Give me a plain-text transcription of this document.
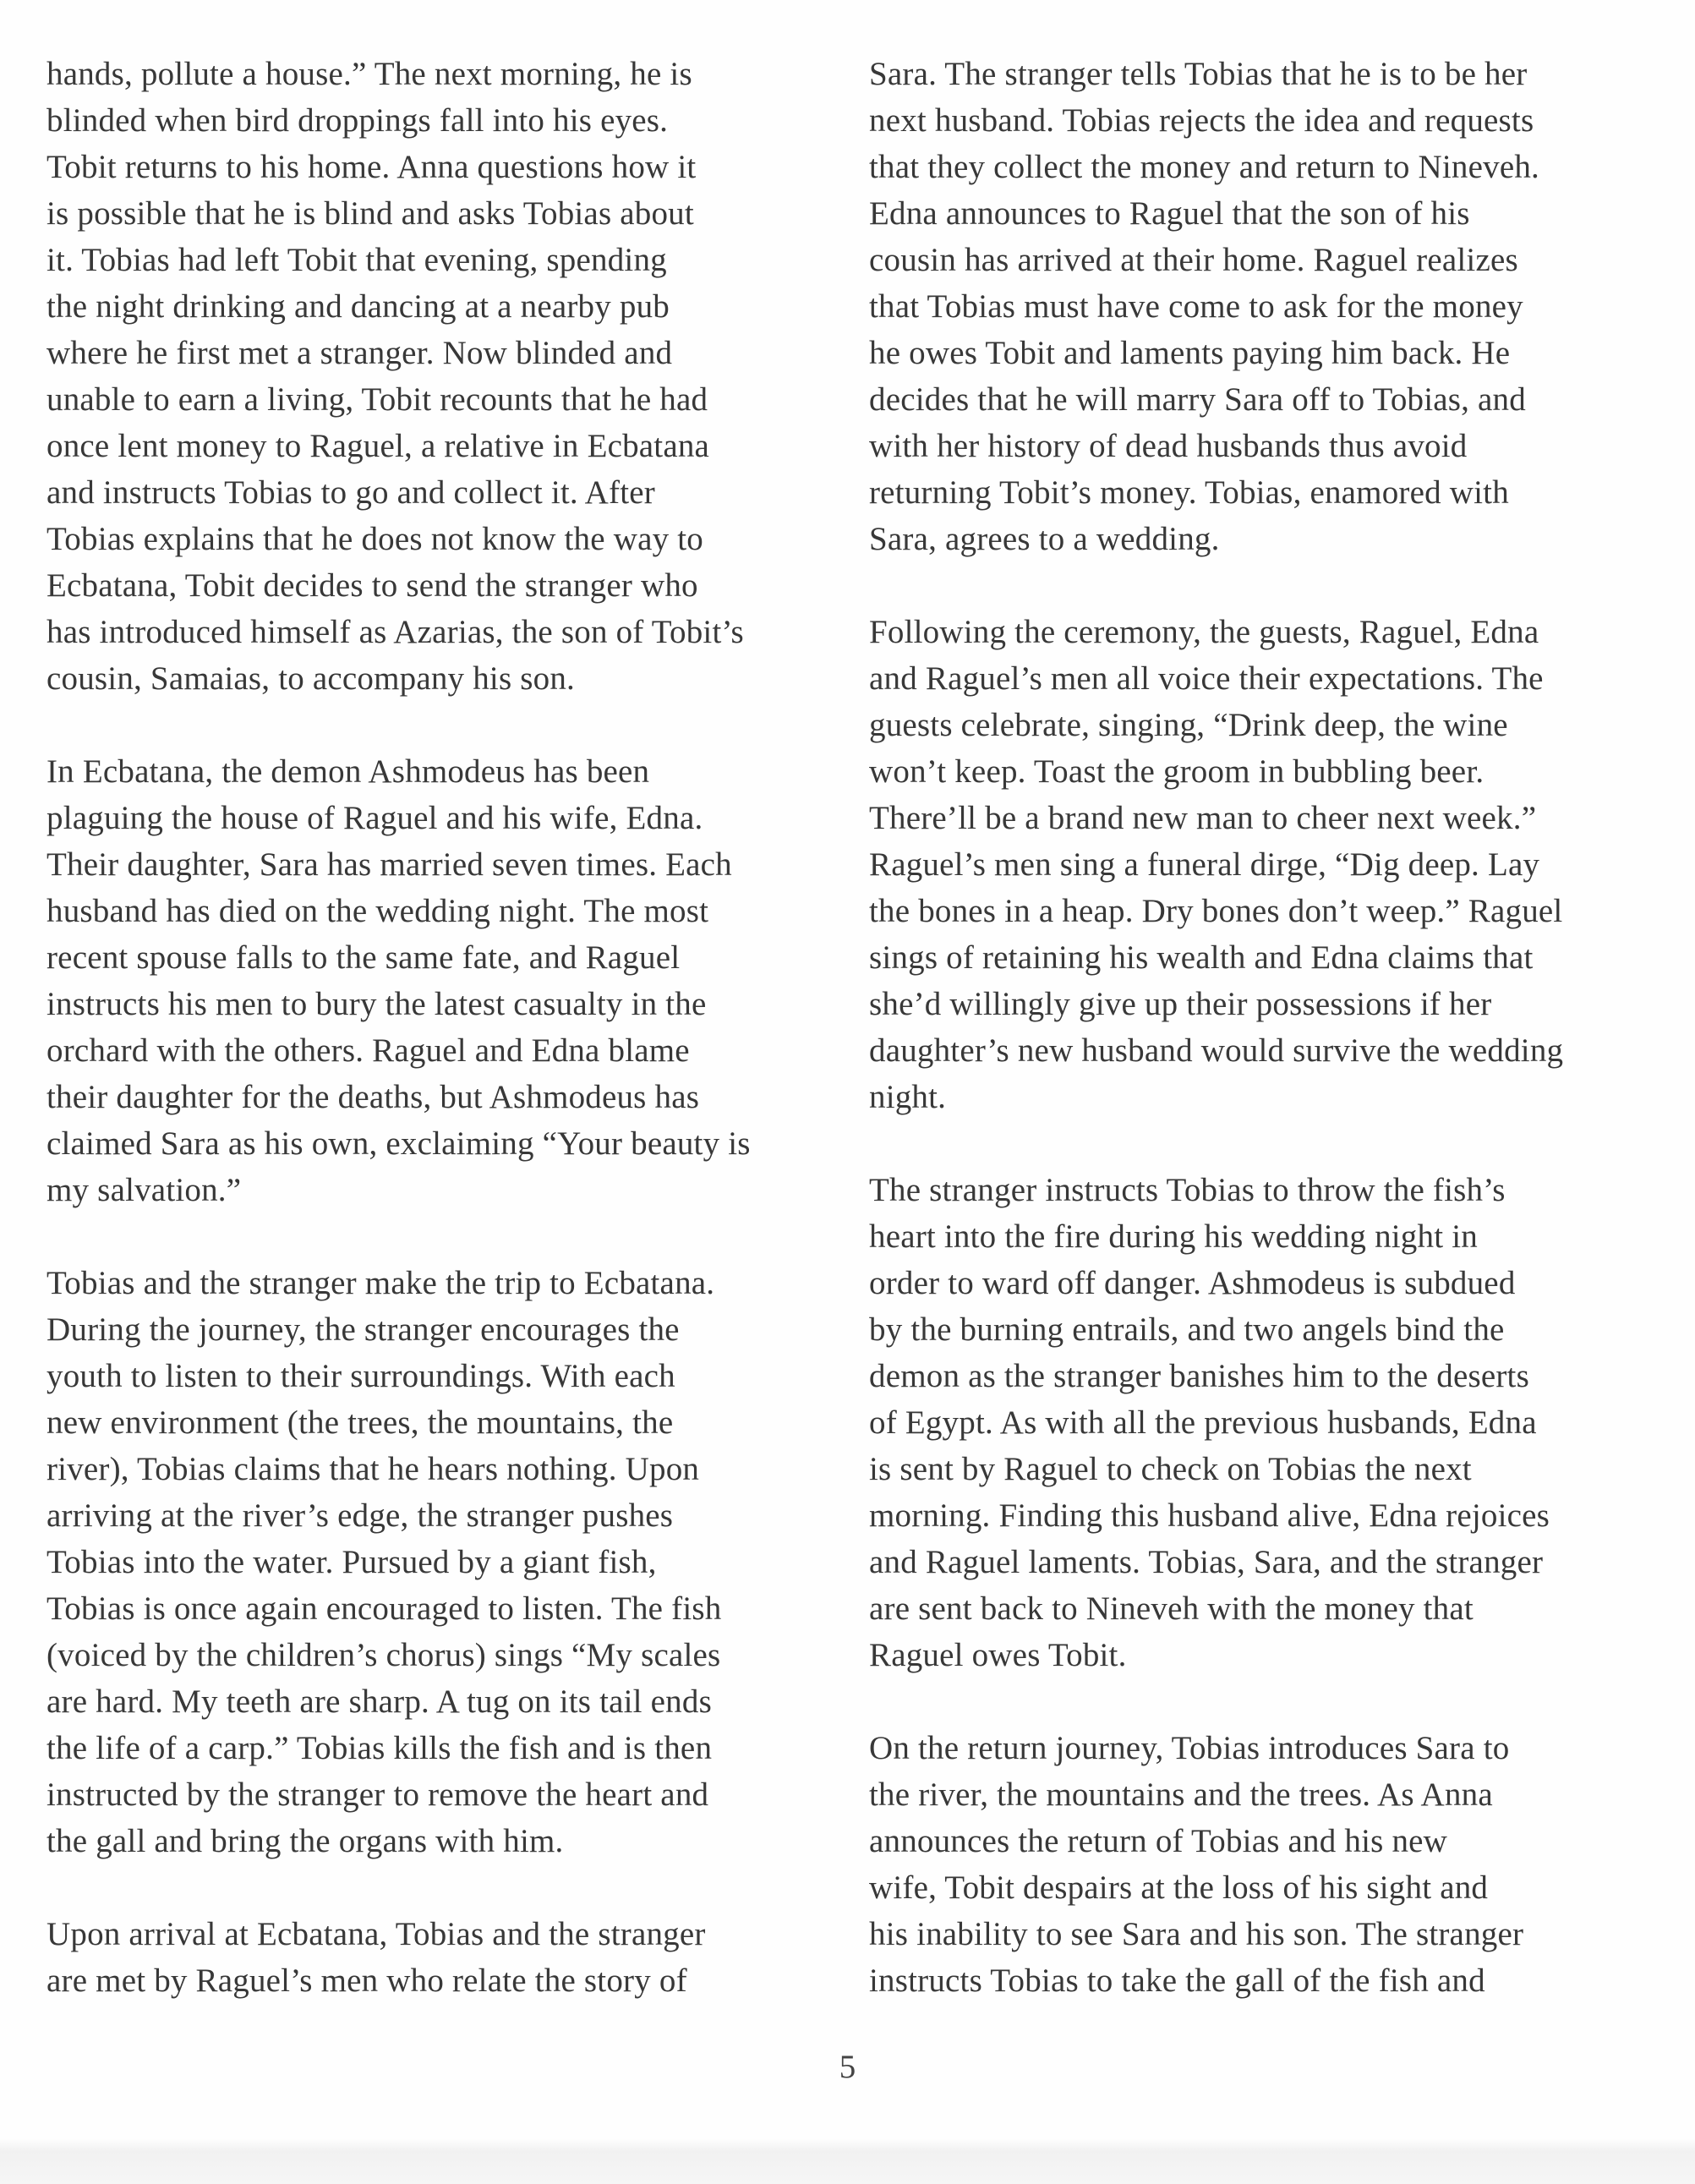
hands, pollute a house.” The next morning, he is
blinded when bird droppings fall into his eyes.
Tobit returns to his home. Anna questions how it
is possible that he is blind and asks Tobias about
it. Tobias had left Tobit that evening, spending
the night drinking and dancing at a nearby pub
where he first met a stranger. Now blinded and
unable to earn a living, Tobit recounts that he had
once lent money to Raguel, a relative in Ecbatana
and instructs Tobias to go and collect it. After
Tobias explains that he does not know the way to
Ecbatana, Tobit decides to send the stranger who
has introduced himself as Azarias, the son of Tobit’s
cousin, Samaias, to accompany his son.

In Ecbatana, the demon Ashmodeus has been
plaguing the house of Raguel and his wife, Edna.
Their daughter, Sara has married seven times. Each
husband has died on the wedding night. The most
recent spouse falls to the same fate, and Raguel
instructs his men to bury the latest casualty in the
orchard with the others. Raguel and Edna blame
their daughter for the deaths, but Ashmodeus has
claimed Sara as his own, exclaiming “Your beauty is
my salvation.”

Tobias and the stranger make the trip to Ecbatana.
During the journey, the stranger encourages the
youth to listen to their surroundings. With each
new environment (the trees, the mountains, the
river), Tobias claims that he hears nothing. Upon
arriving at the river’s edge, the stranger pushes
Tobias into the water. Pursued by a giant fish,
Tobias is once again encouraged to listen. The fish
(voiced by the children’s chorus) sings “My scales
are hard. My teeth are sharp. A tug on its tail ends
the life of a carp.” Tobias kills the fish and is then
instructed by the stranger to remove the heart and
the gall and bring the organs with him.

Upon arrival at Ecbatana, Tobias and the stranger
are met by Raguel’s men who relate the story of

Sara. The stranger tells Tobias that he is to be her
next husband. Tobias rejects the idea and requests
that they collect the money and return to Nineveh.
Edna announces to Raguel that the son of his
cousin has arrived at their home. Raguel realizes
that Tobias must have come to ask for the money
he owes Tobit and laments paying him back. He
decides that he will marry Sara off to Tobias, and
with her history of dead husbands thus avoid
returning Tobit’s money. Tobias, enamored with
Sara, agrees to a wedding.

Following the ceremony, the guests, Raguel, Edna
and Raguel’s men all voice their expectations. The
guests celebrate, singing, “Drink deep, the wine
won’t keep. Toast the groom in bubbling beer.
There’ll be a brand new man to cheer next week.”
Raguel’s men sing a funeral dirge, “Dig deep. Lay
the bones in a heap. Dry bones don’t weep.” Raguel
sings of retaining his wealth and Edna claims that
she’d willingly give up their possessions if her
daughter’s new husband would survive the wedding
night.

The stranger instructs Tobias to throw the fish’s
heart into the fire during his wedding night in
order to ward off danger. Ashmodeus is subdued
by the burning entrails, and two angels bind the
demon as the stranger banishes him to the deserts
of Egypt. As with all the previous husbands, Edna
is sent by Raguel to check on Tobias the next
morning. Finding this husband alive, Edna rejoices
and Raguel laments. Tobias, Sara, and the stranger
are sent back to Nineveh with the money that
Raguel owes Tobit.

On the return journey, Tobias introduces Sara to
the river, the mountains and the trees. As Anna
announces the return of Tobias and his new
wife, Tobit despairs at the loss of his sight and
his inability to see Sara and his son. The stranger
instructs Tobias to take the gall of the fish and

5
